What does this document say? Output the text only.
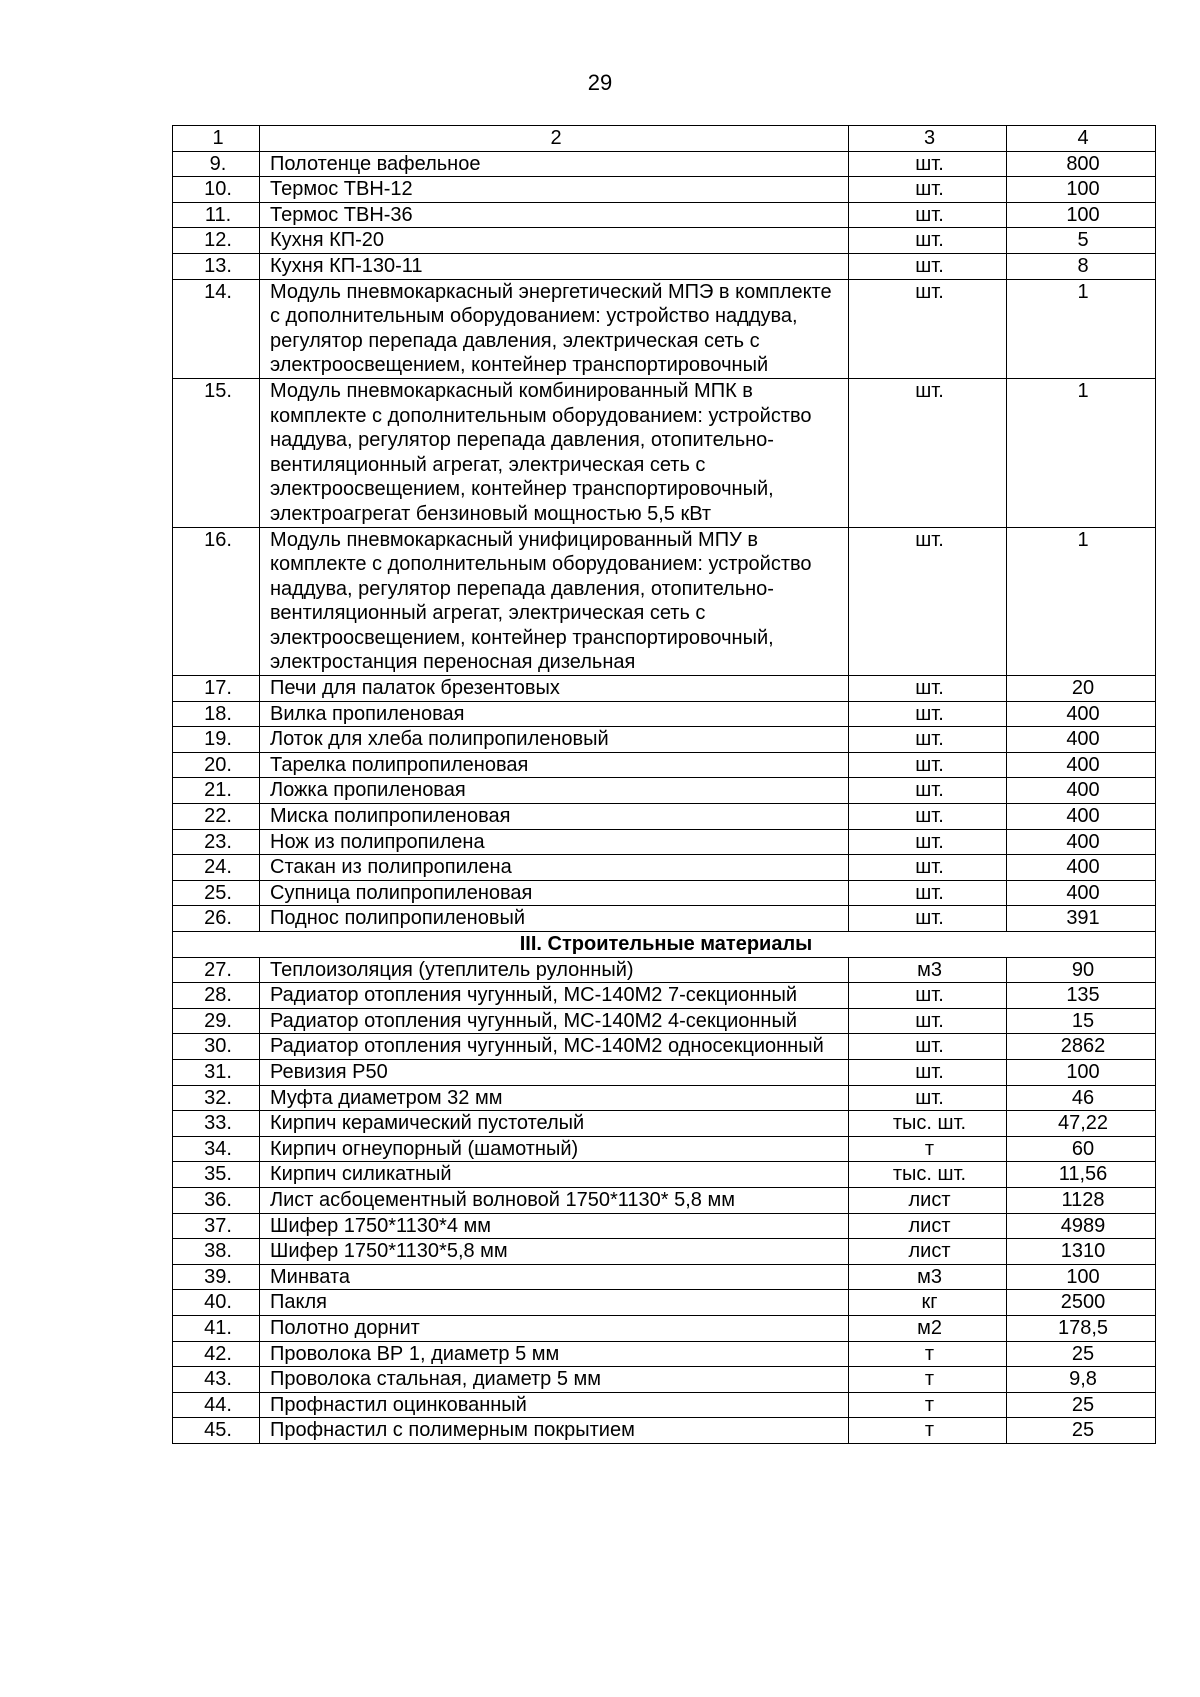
29
1	2	3	4
9.	Полотенце вафельное	шт.	800
10.	Термос ТВН-12	шт.	100
11.	Термос ТВН-36	шт.	100
12.	Кухня КП-20	шт.	5
13.	Кухня КП-130-11	шт.	8
14.	Модуль пневмокаркасный энергетический МПЭ в комплекте с дополнительным оборудованием: устройство наддува, регулятор перепада давления, электрическая сеть с электроосвещением, контейнер транспортировочный	шт.	1
15.	Модуль пневмокаркасный комбинированный МПК в комплекте с дополнительным оборудованием: устройство наддува, регулятор перепада давления, отопительно-вентиляционный агрегат, электрическая сеть с электроосвещением, контейнер транспортировочный, электроагрегат бензиновый мощностью 5,5 кВт	шт.	1
16.	Модуль пневмокаркасный унифицированный МПУ в комплекте с дополнительным оборудованием: устройство наддува, регулятор перепада давления, отопительно-вентиляционный агрегат, электрическая сеть с электроосвещением, контейнер транспортировочный, электростанция переносная дизельная	шт.	1
17.	Печи для палаток брезентовых	шт.	20
18.	Вилка пропиленовая	шт.	400
19.	Лоток для хлеба полипропиленовый	шт.	400
20.	Тарелка полипропиленовая	шт.	400
21.	Ложка пропиленовая	шт.	400
22.	Миска полипропиленовая	шт.	400
23.	Нож из полипропилена	шт.	400
24.	Стакан из полипропилена	шт.	400
25.	Супница полипропиленовая	шт.	400
26.	Поднос полипропиленовый	шт.	391
III. Строительные материалы			
27.	Теплоизоляция (утеплитель рулонный)	м3	90
28.	Радиатор отопления чугунный, МС-140М2 7-секционный	шт.	135
29.	Радиатор отопления чугунный, МС-140М2 4-секционный	шт.	15
30.	Радиатор отопления чугунный, МС-140М2 односекционный	шт.	2862
31.	Ревизия Р50	шт.	100
32.	Муфта диаметром 32 мм	шт.	46
33.	Кирпич керамический пустотелый	тыс. шт.	47,22
34.	Кирпич огнеупорный (шамотный)	т	60
35.	Кирпич силикатный	тыс. шт.	11,56
36.	Лист асбоцементный волновой 1750*1130* 5,8 мм	лист	1128
37.	Шифер 1750*1130*4 мм	лист	4989
38.	Шифер 1750*1130*5,8 мм	лист	1310
39.	Минвата	м3	100
40.	Пакля	кг	2500
41.	Полотно дорнит	м2	178,5
42.	Проволока ВР 1, диаметр 5 мм	т	25
43.	Проволока стальная, диаметр 5 мм	т	9,8
44.	Профнастил оцинкованный	т	25
45.	Профнастил с полимерным покрытием	т	25
